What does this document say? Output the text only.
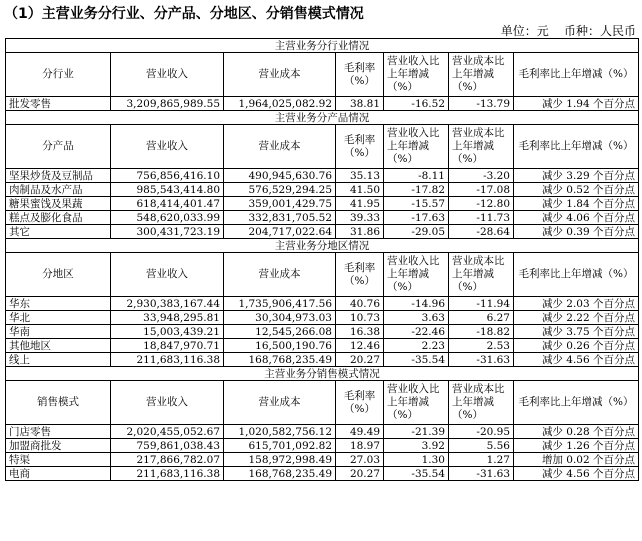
（1）主营业务分行业、分产品、分地区、分销售模式情况
单位：元 币种：人民币
主营业务分行业情况						
分行业	营业收入	营业成本	毛利率（%）	营业收入比上年增减（%）	营业成本比上年增减（%）	毛利率比上年增减（%）
批发零售	3,209,865,989.55	1,964,025,082.92	38.81	-16.52	-13.79	减少 1.94 个百分点
主营业务分产品情况						
分产品	营业收入	营业成本	毛利率（%）	营业收入比上年增减（%）	营业成本比上年增减（%）	毛利率比上年增减（%）
坚果炒货及豆制品	756,856,416.10	490,945,630.76	35.13	-8.11	-3.20	减少 3.29 个百分点
肉制品及水产品	985,543,414.80	576,529,294.25	41.50	-17.82	-17.08	减少 0.52 个百分点
糖果蜜饯及果蔬	618,414,401.47	359,001,429.75	41.95	-15.57	-12.80	减少 1.84 个百分点
糕点及膨化食品	548,620,033.99	332,831,705.52	39.33	-17.63	-11.73	减少 4.06 个百分点
其它	300,431,723.19	204,717,022.64	31.86	-29.05	-28.64	减少 0.39 个百分点
主营业务分地区情况						
分地区	营业收入	营业成本	毛利率（%）	营业收入比上年增减（%）	营业成本比上年增减（%）	毛利率比上年增减（%）
华东	2,930,383,167.44	1,735,906,417.56	40.76	-14.96	-11.94	减少 2.03 个百分点
华北	33,948,295.81	30,304,973.03	10.73	3.63	6.27	减少 2.22 个百分点
华南	15,003,439.21	12,545,266.08	16.38	-22.46	-18.82	减少 3.75 个百分点
其他地区	18,847,970.71	16,500,190.76	12.46	2.23	2.53	减少 0.26 个百分点
线上	211,683,116.38	168,768,235.49	20.27	-35.54	-31.63	减少 4.56 个百分点
主营业务分销售模式情况						
销售模式	营业收入	营业成本	毛利率（%）	营业收入比上年增减（%）	营业成本比上年增减（%）	毛利率比上年增减（%）
门店零售	2,020,455,052.67	1,020,582,756.12	49.49	-21.39	-20.95	减少 0.28 个百分点
加盟商批发	759,861,038.43	615,701,092.82	18.97	3.92	5.56	减少 1.26 个百分点
特渠	217,866,782.07	158,972,998.49	27.03	1.30	1.27	增加 0.02 个百分点
电商	211,683,116.38	168,768,235.49	20.27	-35.54	-31.63	减少 4.56 个百分点
